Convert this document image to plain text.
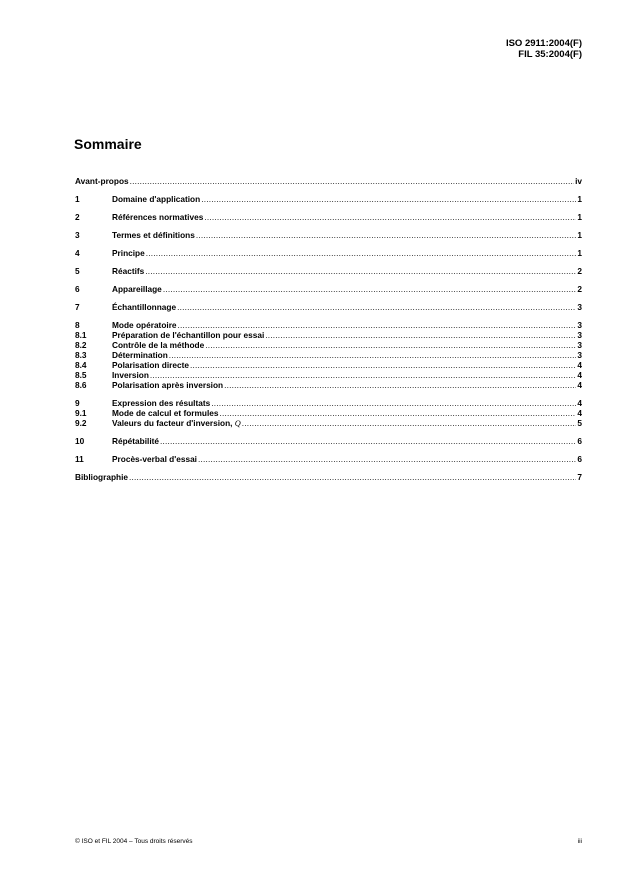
ISO 2911:2004(F)
FIL 35:2004(F)
Sommaire
Avant-propos .....	iv
1	Domaine d'application .....	1
2	Références normatives .....	1
3	Termes et définitions .....	1
4	Principe .....	1
5	Réactifs .....	2
6	Appareillage .....	2
7	Échantillonnage .....	3
8	Mode opératoire .....	3
8.1	Préparation de l'échantillon pour essai .....	3
8.2	Contrôle de la méthode .....	3
8.3	Détermination .....	3
8.4	Polarisation directe .....	4
8.5	Inversion .....	4
8.6	Polarisation après inversion .....	4
9	Expression des résultats .....	4
9.1	Mode de calcul et formules .....	4
9.2	Valeurs du facteur d'inversion, Q .....	5
10	Répétabilité .....	6
11	Procès-verbal d'essai .....	6
Bibliographie .....	7
© ISO et FIL 2004 – Tous droits réservés	iii
